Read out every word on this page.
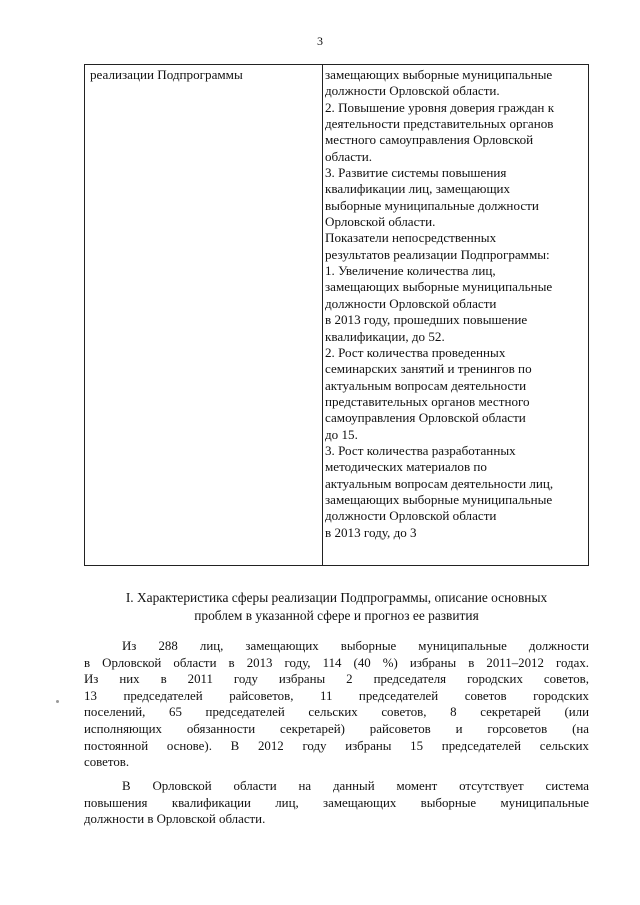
3
реализации Подпрограммы	замещающих выборные муниципальные
должности Орловской области.
2. Повышение уровня доверия граждан к
деятельности представительных органов
местного самоуправления Орловской
области.
3. Развитие системы повышения
квалификации лиц, замещающих
выборные муниципальные должности
Орловской области.
Показатели непосредственных
результатов реализации Подпрограммы:
1. Увеличение количества лиц,
замещающих выборные муниципальные
должности Орловской области
в 2013 году, прошедших повышение
квалификации, до 52.
2. Рост количества проведенных
семинарских занятий и тренингов по
актуальным вопросам деятельности
представительных органов местного
самоуправления Орловской области
до 15.
3. Рост количества разработанных
методических материалов по
актуальным вопросам деятельности лиц,
замещающих выборные муниципальные
должности Орловской области
в 2013 году, до 3
I. Характеристика сферы реализации Подпрограммы, описание основных
проблем в указанной сфере и прогноз ее развития
Из 288 лиц, замещающих выборные муниципальные должности
в Орловской области в 2013 году, 114 (40 %) избраны в 2011–2012 годах.
Из них в 2011 году избраны 2 председателя городских советов,
13 председателей райсоветов, 11 председателей советов городских
поселений, 65 председателей сельских советов, 8 секретарей (или
исполняющих обязанности секретарей) райсоветов и горсоветов (на
постоянной основе). В 2012 году избраны 15 председателей сельских
советов.
В Орловской области на данный момент отсутствует система
повышения квалификации лиц, замещающих выборные муниципальные
должности в Орловской области.
